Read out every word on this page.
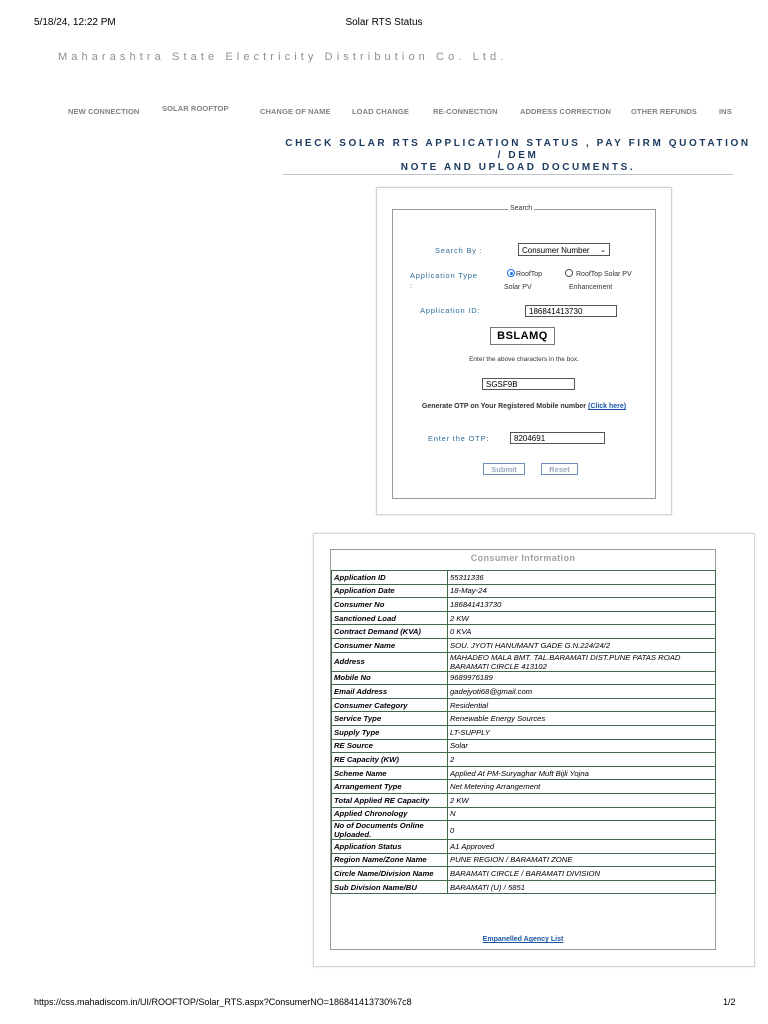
5/18/24, 12:22 PM	Solar RTS Status
Maharashtra State Electricity Distribution Co. Ltd.
NEW CONNECTION	SOLAR ROOFTOP	CHANGE OF NAME	LOAD CHANGE	RE-CONNECTION	ADDRESS CORRECTION	OTHER REFUNDS	INS
CHECK SOLAR RTS APPLICATION STATUS , PAY FIRM QUOTATION / DEM
NOTE AND UPLOAD DOCUMENTS.
Search
Search By :	Consumer Number ⌄
Application Type :
RoofTop Solar PV
RoofTop Solar PV Enhancement
Application ID:	186841413730
BSLAMQ
Enter the above characters in the box.
SGSF9B
Generate OTP on Your Registered Mobile number (Click here)
Enter the OTP:	8204691
Submit	Reset
Consumer Information
Application ID	55311336
Application Date	18-May-24
Consumer No	186841413730
Sanctioned Load	2 KW
Contract Demand (KVA)	0 KVA
Consumer Name	SOU. JYOTI HANUMANT GADE G.N.224/24/2
Address	MAHADEO MALA BMT. TAL.BARAMATI DIST.PUNE PATAS ROAD BARAMATI CIRCLE 413102
Mobile No	9689976189
Email Address	gadejyoti68@gmail.com
Consumer Category	Residential
Service Type	Renewable Energy Sources
Supply Type	LT-SUPPLY
RE Source	Solar
RE Capacity (KW)	2
Scheme Name	Applied At PM-Suryaghar Muft Bijli Yojna
Arrangement Type	Net Metering Arrangement
Total Applied RE Capacity	2 KW
Applied Chronology	N
No of Documents Online Uploaded.	0
Application Status	A1 Approved
Region Name/Zone Name	PUNE REGION / BARAMATI ZONE
Circle Name/Division Name	BARAMATI CIRCLE / BARAMATI DIVISION
Sub Division Name/BU	BARAMATI (U) / 5851
Empanelled Agency List
https://css.mahadiscom.in/UI/ROOFTOP/Solar_RTS.aspx?ConsumerNO=186841413730%7c8	1/2
